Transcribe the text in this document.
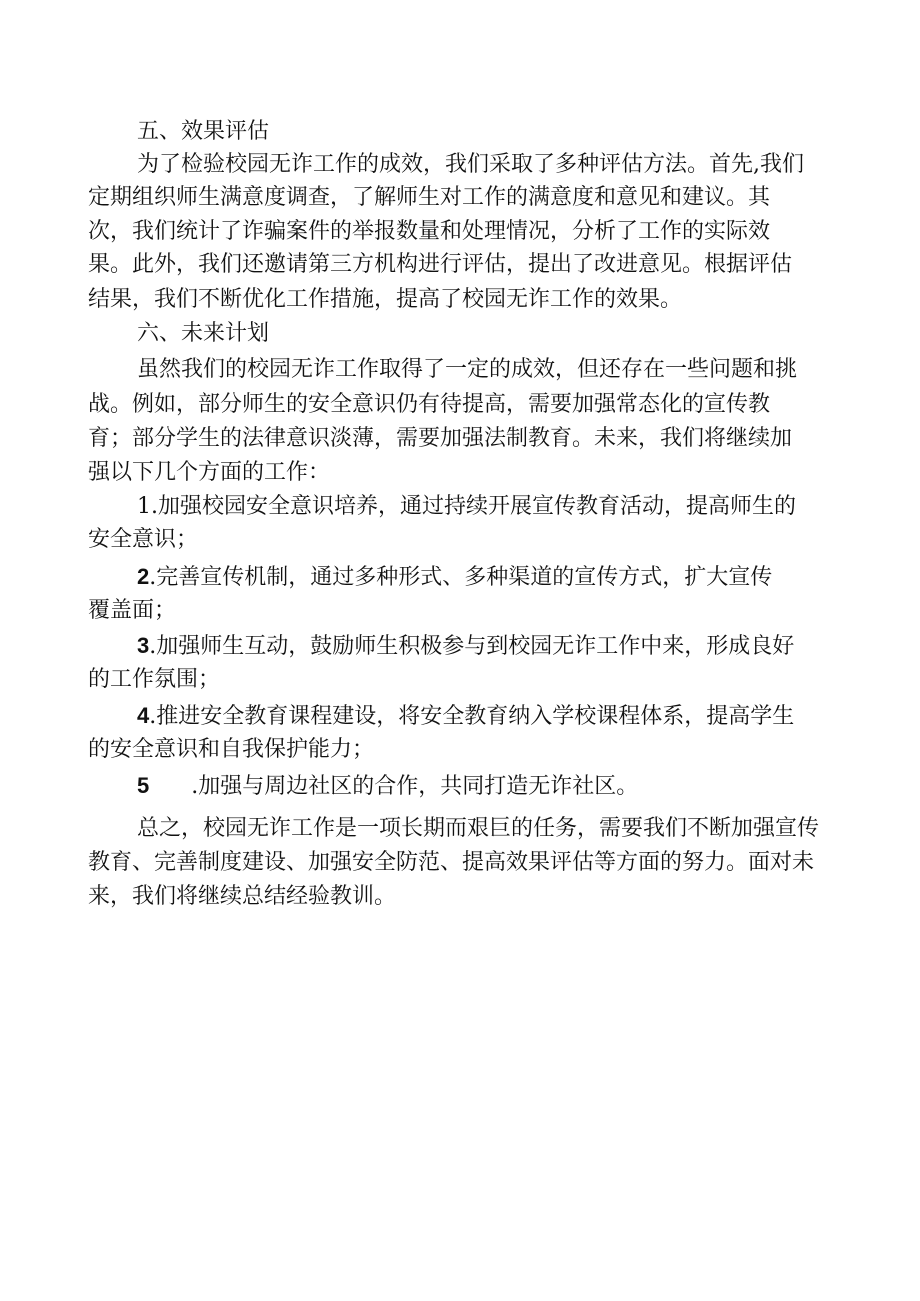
五、效果评估

为了检验校园无诈工作的成效，我们采取了多种评估方法。首先,我们

定期组织师生满意度调查，了解师生对工作的满意度和意见和建议。其

次，我们统计了诈骗案件的举报数量和处理情况，分析了工作的实际效

果。此外，我们还邀请第三方机构进行评估，提出了改进意见。根据评估

结果，我们不断优化工作措施，提高了校园无诈工作的效果。

六、未来计划

虽然我们的校园无诈工作取得了一定的成效，但还存在一些问题和挑

战。例如，部分师生的安全意识仍有待提高，需要加强常态化的宣传教

育；部分学生的法律意识淡薄，需要加强法制教育。未来，我们将继续加

强以下几个方面的工作：

1.加强校园安全意识培养，通过持续开展宣传教育活动，提高师生的

安全意识；

2.完善宣传机制，通过多种形式、多种渠道的宣传方式，扩大宣传

覆盖面；

3.加强师生互动，鼓励师生积极参与到校园无诈工作中来，形成良好

的工作氛围；

4.推进安全教育课程建设，将安全教育纳入学校课程体系，提高学生

的安全意识和自我保护能力；

5 .加强与周边社区的合作，共同打造无诈社区。

总之，校园无诈工作是一项长期而艰巨的任务，需要我们不断加强宣传

教育、完善制度建设、加强安全防范、提高效果评估等方面的努力。面对未

来，我们将继续总结经验教训。
